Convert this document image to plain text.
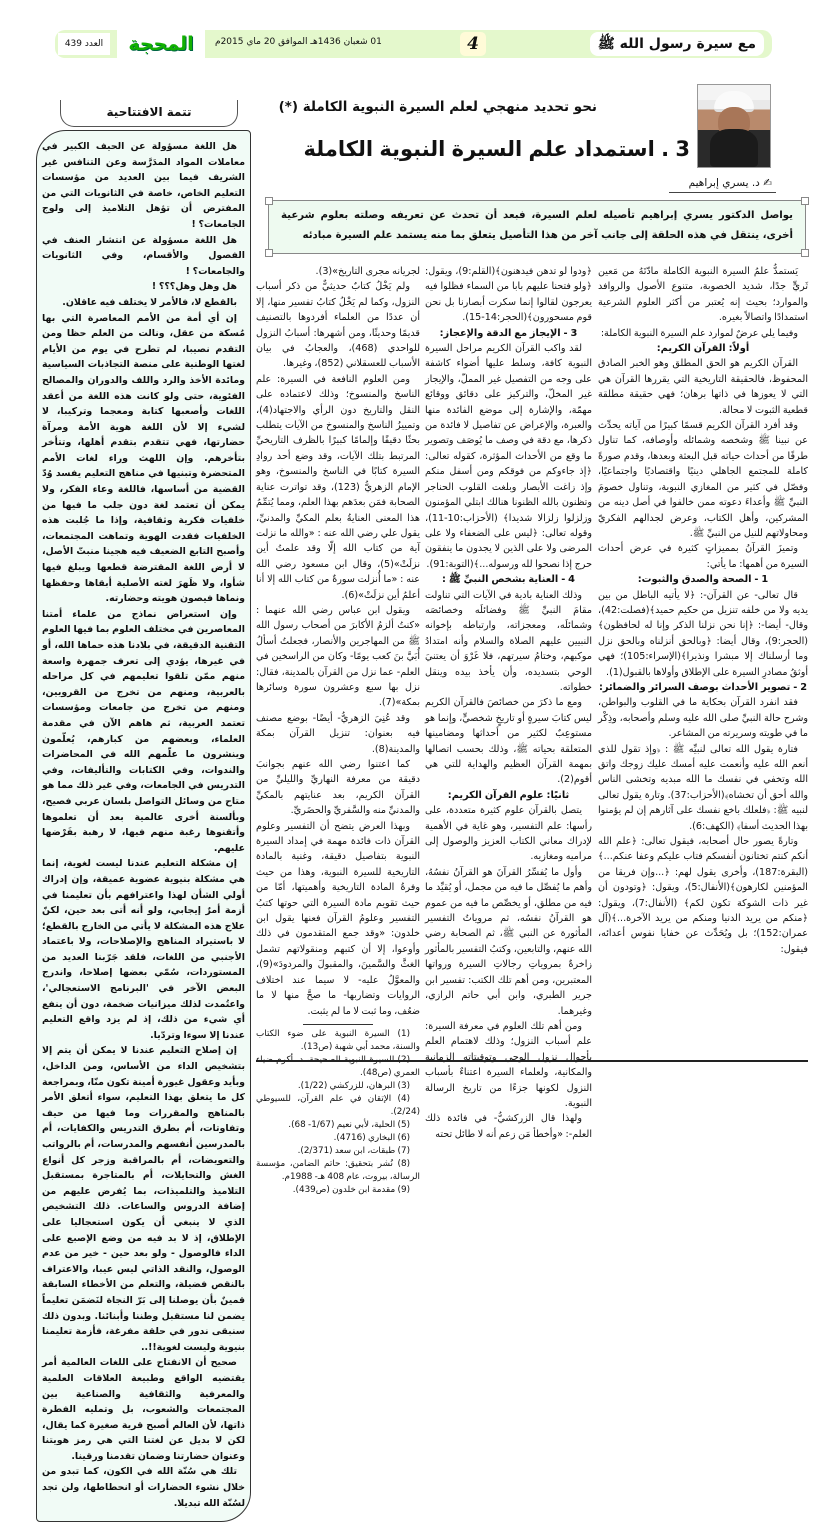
مع سيرة رسول الله ﷺ
4
01 شعبان 1436هـ الموافق 20 ماي 2015م
المحجة
العدد 439
نحو تحديد منهجي لعلم السيرة النبوية الكاملة (*)
3 . استمداد علم السيرة النبوية الكاملة
✍ د. يسري إبراهيم
يواصل الدكتور يسري إبراهيم تأصيله لعلم السيرة، فبعد أن تحدث عن تعريفه وصلته بعلوم شرعية أخرى، ينتقل في هذه الحلقة إلى جانب آخر من هذا التأصيل يتعلق بما منه يستمد علم السيرة مبادئه

يَستمدُّ علمُ السيرة النبوية الكاملة مادّتَهُ من مَعين ثَريٍّ جدًا، شديد الخصوبة، متنوع الأصول والروافد والموارد؛ بحيث إنه يُعتبر من أكثر العلوم الشرعية استمدادًا واتصالاً بغيره.

وفيما يلي عرضٌ لموارد علم السيرة النبوية الكاملة:

أولاً: القرآن الكريم:

القرآن الكريم هو الحق المطلق وهو الخبر الصادق المحفوظ، فالحقيقة التاريخية التي يقررها القرآن هي التي لا يعوزها في ذاتها برهان؛ فهي حقيقة مطلقة قطعية الثبوت لا محالة.

وقد أفرد القرآن الكريم قسمًا كبيرًا من آياته يحدِّث عن نبينا ﷺ وشخصه وشمائله وأوصافه، كما تناول طرفًا من أحداث حياته قبل البعثة وبعدها، وقدم صورةً كاملة للمجتمع الجاهلي دينيًا واقتصاديًا واجتماعيًا، وفصّل في كثير من المغازي النبوية، وتناول خصومَ النبيِّ ﷺ وأعداءَ دعوته ممن خالفوا في أصل دينه من المشركين، وأهل الكتاب، وعرض لجدالهم الفكريّ ومحاولاتهم للنيل من النبيِّ ﷺ.

وتميزَ القرآنُ بمميزاتٍ كثيرة في عرض أحداث السيرة من أهمها: ما يأتي:

1 - الصحة والصدق والثبوت:

قال تعالى- عن القرآن-: ﴿لا يأتيه الباطل من بين يديه ولا من خلفه تنزيل من حكيم حميد﴾(فصلت:42)، وقال- أيضا-: ﴿إنا نحن نزلنا الذكر وإنا له لحافظون﴾ (الحجر:9)، وقال أيضا: ﴿وبالحق أنزلناه وبالحق نزل وما أرسلناك إلا مبشرا ونذيرا﴾(الإسراء:105)؛ فهي أوثقُ مصادرِ السيرة على الإطلاق وأولاها بالقبول(1).

2 - تصوير الأحداث بوصف السرائر والضمائر:

فقد انفرد القرآن بحكاية ما في القلوب والبواطن، وشرح حالة النبيِّ صلى الله عليه وسلم وأصحابه، وذِكْر ما في طويته وسريرته من المشاعر.

فتارة يقول الله تعالى لنبيِّه ﷺ : ﴿وإذ تقول للذي أنعم الله عليه وأنعمت عليه أمسك عليك زوجك واتق الله وتخفي في نفسك ما الله مبديه وتخشى الناس والله أحق أن تخشاه﴾(الأحزاب:37). وتارة يقول تعالى لنبيه ﷺ: ﴿فلعلك باخع نفسك على آثارهم إن لم يؤمنوا بهذا الحديث أسفا﴾ (الكهف:6).

وتارةً يصور حال أصحابه، فيقول تعالى: ﴿علم الله أنكم كنتم تختانون أنفسكم فتاب عليكم وعفا عنكم...﴾ (البقرة:187)، وأخرى يقول لهم: ﴿...وإن فريقا من المؤمنين لكارهون﴾(الأنفال:5)، ويقول: ﴿وتودون أن غير ذات الشوكة تكون لكم﴾ (الأنفال:7)، ويقول: ﴿منكم من يريد الدنيا ومنكم من يريد الآخرة...﴾(آل عمران:152)؛ بل ويُحَدِّث عن خفايا نفوس أعدائه، فيقول:

﴿ودوا لو تدهن فيدهنون﴾(القلم:9)، ويقول: ﴿ولو فتحنا عليهم بابا من السماء فظلوا فيه يعرجون لقالوا إنما سكرت أبصارنا بل نحن قوم مسحورون﴾(الحجر:14-15).

3 - الإيجاز مع الدقة والإعجاز:

لقد واكب القرآن الكريم مراحل السيرة النبوية كافة، وسلط عليها أضواء كاشفة على وجه من التفصيل غير المملّ، والإيجاز غير المخلّ، والتركيز على دقائق ووقائع مهمّة، والإشارة إلى موضع الفائدة منها والعبرة، والإعراض عن تفاصيل لا فائدة من ذكرها، مع دقة في وصف ما يُوصَف وتصوير ما وقع من الأحداث المؤثرة، كقوله تعالى: ﴿إذ جاءوكم من فوقكم ومن أسفل منكم وإذ زاغت الأبصار وبلغت القلوب الحناجر وتظنون بالله الظنونا هنالك ابتلي المؤمنون وزلزلوا زلزالا شديدا﴾ (الأحزاب:10-11)، وقوله تعالى: ﴿ليس على الضعفاء ولا على المرضى ولا على الذين لا يجدون ما ينفقون حرج إذا نصحوا لله ورسوله...﴾(التوبة:91).

4 - العناية بشخص النبيِّ ﷺ :

وذلك العناية بادية في الآيات التي تناولت مقامَ النبيِّ ﷺ وفضائلَه وخصائصَه وشمائلَه، ومعجزاته، وارتباطه بإخوانه النبيين عليهم الصلاة والسلام وأنه امتدادُ موكبهم، وختامُ سيرتهم، فلا غَرْوَ أن يعتنيَ الوحي بتسديده، وأن يأخذ بيده وينقل خطواته.

ومع ما ذكرَ من خصائصَ فالقرآن الكريم ليس كتابَ سيرةٍ أو تاريخٍ شخصيٍّ، وإنما هو مستوعِبٌ لكثير من أحداثها ومضامينها المتعلقة بحياته ﷺ، وذلك بحسب اتصالها بمهمة القرآن العظيم والهداية للتي هي أقوم(2).

ثانيًا: علوم القرآن الكريم:

يتصل بالقرآن علوم كثيرة متعددة، على رأسها: علم التفسير، وهو غاية في الأهمية لإدراك معاني الكتاب العزيز والوصول إلى مراميه ومغازيه.

وأول ما يُفسِّرُ القرآنَ هو القرآنُ نفسُهُ، وأهم ما يُفصِّل ما فيه من مجمل، أو يُقيِّد ما فيه من مطلق، أو يخصِّص ما فيه من عموم هو القرآنُ نفسُه، ثم مروياتُ التفسير المأثورة عن النبي ﷺ، ثم الصحابة رضي الله عنهم، والتابعين، وكتبُ التفسير بالمأثور زاخرةٌ بمروياتِ رجالاتِ السيرة ورواتها المعتبرين، ومن أهم تلك الكتب: تفسير ابن جرير الطبري، وابن أبي حاتم الرازي، وغيرهما.

ومن أهم تلك العلوم في معرفة السيرة: علم أسباب النزول؛ وذلك لاهتمام العلم بأحوال نزول الوحي وتوقيتاته الزمانية والمكانية، ولعلماء السيرة اعتناءٌ بأسباب النزول لكونها جزءًا من تاريخ الرسالة النبوية.

ولهذا قال الزركشيُّ- في فائدة ذلك العلم-: «وأخطأ مَن زعم أنه لا طائل تحته

لجريانه مجرى التاريخ»(3).

ولم يَخْلُ كتابٌ حديثيٌّ من ذكر أسباب النزول، وكما لم يَخْلُ كتابُ تفسير منها، إلا أن عددًا من العلماء أفردوها بالتصنيف قديمًا وحديثًا، ومن أشهرها: أسبابُ النزول للواحدي (468)، والعجابُ في بيان الأسباب للعسقلاني (852)، وغيرها.

ومن العلوم النافعة في السيرة: علم الناسخ والمنسوخ؛ وذلك لاعتماده على النقل والتاريخ دون الرأي والاجتهاد(4)، وتمييزُ الناسخ والمنسوخ من الآيات يتطلب بحثًا دقيقًا وإلمامًا كبيرًا بالظرف التاريخيِّ المرتبط بتلك الآيات، وقد وضع أحد روادِ السيرة كتابًا في الناسخ والمنسوخ، وهو الإمام الزهريُّ (123)، وقد تواترت عناية الصحابة فمَن بعدَهم بهذا العلم، ومما يُتمِّمُ هذا المعنى العنايةُ بعلم المكيِّ والمدنيِّ، يقول علي رضي الله عنه : «والله ما نزلت آية من كتاب الله إلّا وقد علمتُ أين نزلَتْ»(5)، وقال ابن مسعود رضي الله عنه : «ما أُنزلت سورةٌ من كتاب الله إلا أنا أعلمُ أين نزلَتْ»(6).

ويقول ابن عباس رضي الله عنهما : «كنتُ ألزمُ الأكابرَ من أصحاب رسول الله ﷺ من المهاجرين والأنصار، فجعلتُ أسألُ أُبَيَّ بنَ كعب يومًا- وكان من الراسخين في العلم- عما نزل من القرآن بالمدينة، فقال: نزل بها سبع وعشرون سورة وسائرها بمكة»(7).

وقد عُنِيَ الزهريُّ- أيضًا- بوضع مصنف فيه بعنوان: تنزيل القرآن بمكة والمدينة(8).

كما اعتنوا رضي الله عنهم بجوانبَ دقيقة من معرفة النهاريِّ والليليِّ من القرآن الكريم، بعد عنايتهم بالمكيِّ والمدنيِّ منه والسَّفريِّ والحضَريِّ.

وبهذا العرض يتضح أن التفسير وعلوم القرآن ذات فائدة مهمة في إمداد السيرة النبوية بتفاصيل دقيقة، وغنية بالمادة التاريخية للسيرة النبوية، وهذا من حيث وفرةُ المادة التاريخية وأهميتها، أمّا من حيث تقويم مادة السيرة التي حوتها كتبُ التفسير وعلومُ القرآن فعنها يقول ابن خلدون: «وقد جمع المتقدمون في ذلك وأوعوا، إلا أن كتبهم ومنقولاتهم تشمل الغثَّ والسَّمينَ، والمقبولَ والمردودَ»(9)، والمعوَّلُ عليه- لا سيما عند اختلاف الروايات وتضاربها- ما صحَّ منها لا ما ضعُف، وما ثبت لا ما لم يثبت.

(1) السيرة النبوية على ضوء الكتاب والسنة، محمد أبي شهبة (ص13).

(2) السيرة النبوية الصحيحة، د. أكرم ضياء العمري (ص48).

(3) البرهان، للزركشي (1/22).

(4) الإتقان في علم القرآن، للسيوطي (2/24).

(5) الحلية، لأبي نعيم (1/67- 68).

(6) البخاري (4716).

(7) طبقات، ابن سعد (2/371).

(8) نُشر بتحقيق: حاتم الضامن، مؤسسة الرسالة، بيروت، عام 408 هـ- 1988م.

(9) مقدمة ابن خلدون (ص439).

تتمة الافتتاحية

هل اللغة مسؤولة عن الحيف الكبير في معاملات المواد المدَرَّسة وعن التنافس غير الشريف فيما بين العديد من مؤسسات التعليم الخاص، خاصة في الثانويات التي من المفترض أن تؤهل التلاميذ إلى ولوج الجامعات؟ !

هل اللغة مسؤولة عن انتشار العنف في الفصول والأقسام، وفي الثانويات والجامعات؟ !

هل وهل وهل؟؟؟ !

بالقطع لا، فالأمر لا يختلف فيه عاقلان.

إن أي أمة من الأمم المعاصرة التي بها مُسكة من عقل، ونالت من العلم حظا ومن التقدم نصيبا، لم تطرح في يوم من الأيام لغتها الوطنية على منصة التجاذبات السياسية ومائدة الأخذ والرد واللف والدوران والمصالح الفئوية، حتى ولو كانت هذه اللغة من أعقد اللغات وأصعبها كتابة ومعجما وتركيبا، لا لشيء إلا لأن اللغة هوية الأمة ومرآة حضارتها، فهي تتقدم بتقدم أهلها، وتتأخر بتأخرهم. وإن اللهث وراء لغات الأمم المتحضرة وتبنيها في مناهج التعليم يفسد وُدّ القضية من أساسها، فاللغة وعاء الفكر، ولا يمكن أن تعتمد لغة دون جلب ما فيها من خلفيات فكرية وثقافية، وإذا ما جُلبت هذه الخلفيات فقدت الهوية وتماهت المجتمعات، وأصبح التابع الضعيف فيه هجينا منبتّ الأصل، لا أرض اللغة المقترضة قطعها ويبلغ فيها شأوا، ولا ظَهرَ لغته الأصلية أبقاها وحفظها ونماها فيصون هويته وحضارته.

وإن استعراض نماذج من علماء أمتنا المعاصرين في مختلف العلوم بما فيها العلوم التقنية الدقيقة، في بلادنا هذه حماها الله، أو في غيرها، يؤدي إلى تعرف جمهرة واسعة منهم ممّن تلقوا تعليمهم في كل مراحله بالعربية، ومنهم من تخرج من القرويين، ومنهم من تخرج من جامعات ومؤسسات تعتمد العربية، ثم هاهم الآن في مقدمة العلماء، وبعضهم من كبارهم، يُعلّمون وينشرون ما علّمهم الله في المحاضرات والندوات، وفي الكتابات والتأليفات، وفي التدريس في الجامعات، وفي غير ذلك مما هو متاح من وسائل التواصل بلسان عربي فصيح، وبألسنة أخرى عالمية بعد أن تعلموها وأتقنوها رغبة منهم فيها، لا رهبة بفَرْضها عليهم.

إن مشكلة التعليم عندنا ليست لغوية، إنما هي مشكلة بنيوية عضوية عميقة، وإن إدراك أولي الشأن لهذا واعترافهم بأن تعليمنا في أزمة أمرٌ إيجابي، ولو أنه أتى بعد حين، لكنّ علاج هذه المشكلة لا يأتي من الخارج بالقطع؛ لا باستيراد المناهج والإصلاحات، ولا باعتماد الأجنبي من اللغات، فلقد جَرّبنا العديد من المستوردات، سُمّي بعضها إصلاحا، واندرج البعض الآخر في 'البرنامج الاستعجالي'، واعتُمدت لذلك ميزانيات ضخمة، دون أن ينفع أي شيء من ذلك، إذ لم يزد واقع التعليم عندنا إلا سوءا وتردّيا.

إن إصلاح التعليم عندنا لا يمكن أن يتم إلا بتشخيص الداء من الأساس، ومن الداخل، وبأيد وعقول غيورة أمينة تكون منّا، وبمراجعة كل ما يتعلق بهذا التعليم، سواء أتعلق الأمر بالمناهج والمقررات وما فيها من حيف وتفاوتات، أم بطرق التدريس والكفايات، أم بالمدرسين أنفسهم والمدرسات، أم بالرواتب والتعويضات، أم بالمراقبة وزجر كل أنواع الغش والتحايلات، أم بالمتاجرة بمستقبل التلاميذ والتلميذات، بما يُفرض عليهم من إضافة الدروس والساعات. ذلك التشخيص الذي لا ينبغي أن يكون استعجاليا على الإطلاق، إذ لا بد فيه من وضع الإصبع على الداء فالوصول - ولو بعد حين - خير من عدم الوصول، والنقد الذاتي ليس عيبا، والاعتراف بالنقص فضيلة، والتعلم من الأخطاء السابقة قمينٌ بأن يوصلنا إلى بَرّ النجاة لنَضمَن تعليماً يضمن لنا مستقبل وطننا وأبنائنا. وبدون ذلك سنبقى ندور في حلقة مفرغة، فأزمة تعليمنا بنيوية وليست لغوية!!..

صحيح أن الانفتاح على اللغات العالمية أمر يقتضيه الواقع وطبيعة العلاقات العلمية والمعرفية والثقافية والصناعية بين المجتمعات والشعوب، بل وتمليه الفطرة ذاتها، لأن العالم أصبح قرية صغيرة كما يقال، لكن لا بديل عن لغتنا التي هي رمز هويتنا وعنوان حضارتنا وضمان تقدمنا ورقينا.

تلك هي سُنّة الله في الكون، كما تبدو من خلال نشوء الحضارات أو انحطاطها، ولن تجد لسُنّة الله تبديلا.
